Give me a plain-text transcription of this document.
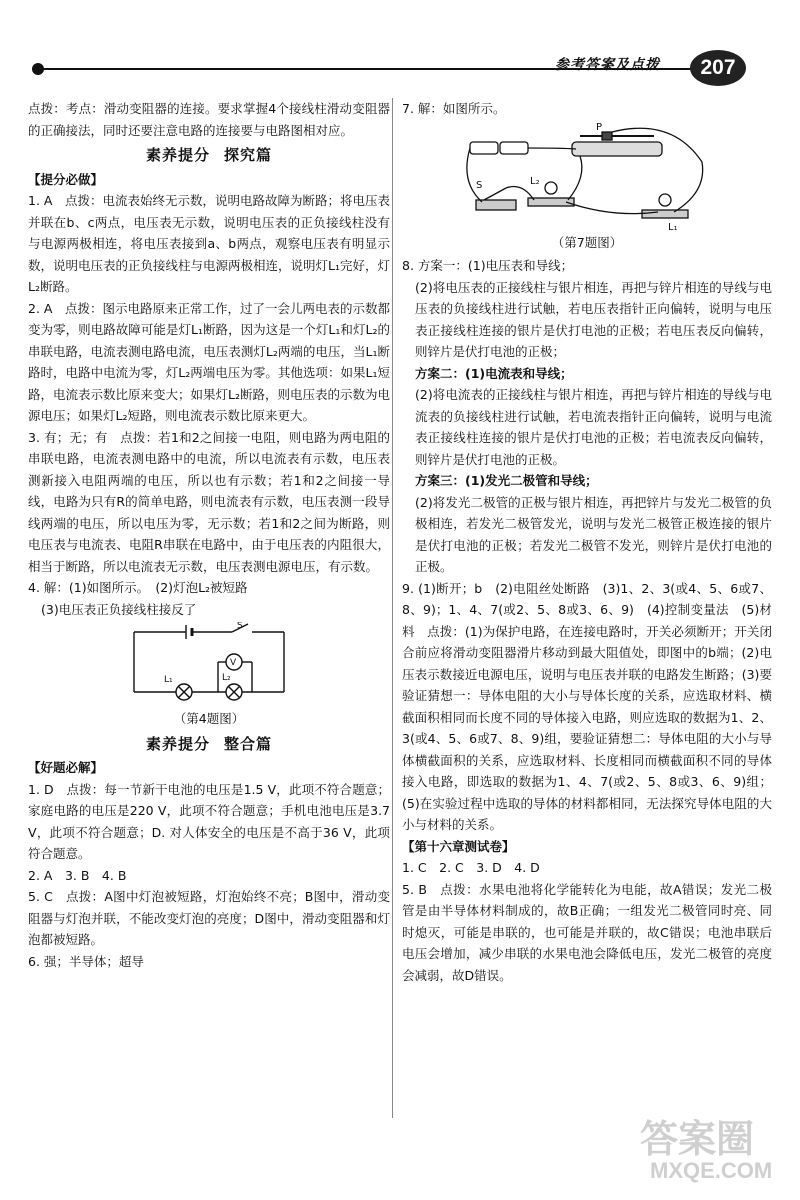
参考答案及点拨	207

点拨：考点：滑动变阻器的连接。要求掌握4个接线柱滑动变阻器的正确接法，同时还要注意电路的连接要与电路图相对应。

素养提分 探究篇
【提分必做】

1. A　点拨：电流表始终无示数，说明电路故障为断路；将电压表并联在b、c两点，电压表无示数，说明电压表的正负接线柱没有与电源两极相连，将电压表接到a、b两点，观察电压表有明显示数，说明电压表的正负接线柱与电源两极相连，说明灯L₁完好，灯L₂断路。

2. A　点拨：图示电路原来正常工作，过了一会儿两电表的示数都变为零，则电路故障可能是灯L₁断路，因为这是一个灯L₁和灯L₂的串联电路，电流表测电路电流，电压表测灯L₂两端的电压，当L₁断路时，电路中电流为零，灯L₂两端电压为零。其他选项：如果L₁短路，电流表示数比原来变大；如果灯L₂断路，则电压表的示数为电源电压；如果灯L₂短路，则电流表示数比原来更大。

3. 有；无；有　点拨：若1和2之间接一电阻，则电路为两电阻的串联电路，电流表测电路中的电流，所以电流表有示数，电压表测新接入电阻两端的电压，所以也有示数；若1和2之间接一导线，电路为只有R的简单电路，则电流表有示数，电压表测一段导线两端的电压，所以电压为零，无示数；若1和2之间为断路，则电压表与电流表、电阻R串联在电路中，由于电压表的内阻很大，相当于断路，所以电流表无示数，电压表测电源电压，有示数。

4. 解：(1)如图所示。　(2)灯泡L₂被短路

(3)电压表正负接线柱接反了

S
V
L₁	L₂
（第4题图）
素养提分 整合篇
【好题必解】

1. D　点拨：每一节新干电池的电压是1.5 V，此项不符合题意；家庭电路的电压是220 V，此项不符合题意；手机电池电压是3.7 V，此项不符合题意；D. 对人体安全的电压是不高于36 V，此项符合题意。

2. A　3. B　4. B

5. C　点拨：A图中灯泡被短路，灯泡始终不亮；B图中，滑动变阻器与灯泡并联，不能改变灯泡的亮度；D图中，滑动变阻器和灯泡都被短路。

6. 强；半导体；超导

7. 解：如图所示。

P
S	L₂
L₁
（第7题图）

8. 方案一：(1)电压表和导线；

(2)将电压表的正接线柱与银片相连，再把与锌片相连的导线与电压表的负接线柱进行试触，若电压表指针正向偏转，说明与电压表正接线柱连接的银片是伏打电池的正极；若电压表反向偏转，则锌片是伏打电池的正极；

方案二：(1)电流表和导线；

(2)将电流表的正接线柱与银片相连，再把与锌片相连的导线与电流表的负接线柱进行试触，若电流表指针正向偏转，说明与电流表正接线柱连接的银片是伏打电池的正极；若电流表反向偏转，则锌片是伏打电池的正极。

方案三：(1)发光二极管和导线；

(2)将发光二极管的正极与银片相连，再把锌片与发光二极管的负极相连，若发光二极管发光，说明与发光二极管正极连接的银片是伏打电池的正极；若发光二极管不发光，则锌片是伏打电池的正极。

9. (1)断开；b　(2)电阻丝处断路　(3)1、2、3(或4、5、6或7、8、9)；1、4、7(或2、5、8或3、6、9)　(4)控制变量法　(5)材料　点拨：(1)为保护电路，在连接电路时，开关必须断开；开关闭合前应将滑动变阻器滑片移动到最大阻值处，即图中的b端；(2)电压表示数接近电源电压，说明与电压表并联的电路发生断路；(3)要验证猜想一：导体电阻的大小与导体长度的关系，应选取材料、横截面积相同而长度不同的导体接入电路，则应选取的数据为1、2、3(或4、5、6或7、8、9)组，要验证猜想二：导体电阻的大小与导体横截面积的关系，应选取材料、长度相同而横截面积不同的导体接入电路，即选取的数据为1、4、7(或2、5、8或3、6、9)组；(5)在实验过程中选取的导体的材料都相同，无法探究导体电阻的大小与材料的关系。

【第十六章测试卷】

1. C　2. C　3. D　4. D

5. B　点拨：水果电池将化学能转化为电能，故A错误；发光二极管是由半导体材料制成的，故B正确；一组发光二极管同时亮、同时熄灭，可能是串联的，也可能是并联的，故C错误；电池串联后电压会增加，减少串联的水果电池会降低电压，发光二极管的亮度会减弱，故D错误。

答案圈
MXQE.COM
